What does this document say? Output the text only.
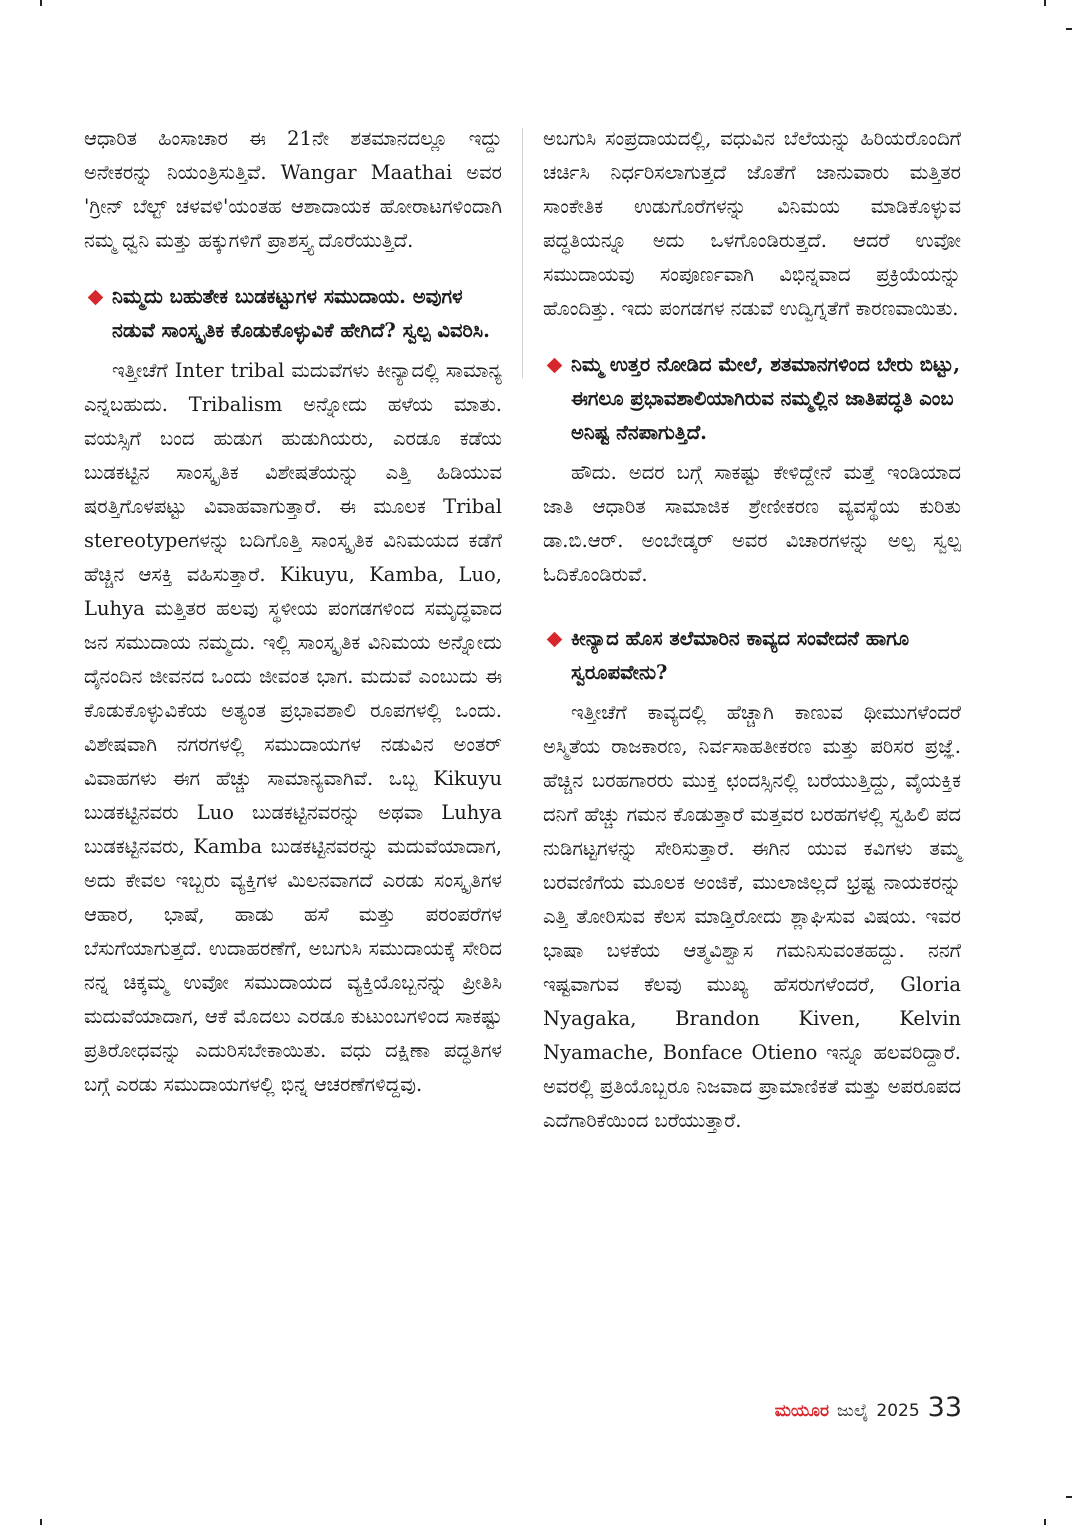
ಆಧಾರಿತ ಹಿಂಸಾಚಾರ ಈ 21ನೇ ಶತಮಾನದಲ್ಲೂ ಇದ್ದು ಅನೇಕರನ್ನು ನಿಯಂತ್ರಿಸುತ್ತಿವೆ. Wangar Maathai ಅವರ 'ಗ್ರೀನ್ ಬೆಲ್ಟ್ ಚಳವಳಿ'ಯಂತಹ ಆಶಾದಾಯಕ ಹೋರಾಟಗಳಿಂದಾಗಿ ನಮ್ಮ ಧ್ವನಿ ಮತ್ತು ಹಕ್ಕುಗಳಿಗೆ ಪ್ರಾಶಸ್ತ್ಯ ದೊರೆಯುತ್ತಿದೆ.

ನಿಮ್ಮದು ಬಹುತೇಕ ಬುಡಕಟ್ಟುಗಳ ಸಮುದಾಯ. ಅವುಗಳ ನಡುವೆ ಸಾಂಸ್ಕೃತಿಕ ಕೊಡುಕೊಳ್ಳುವಿಕೆ ಹೇಗಿದೆ? ಸ್ವಲ್ಪ ವಿವರಿಸಿ.

ಇತ್ತೀಚೆಗೆ Inter tribal ಮದುವೆಗಳು ಕೀನ್ಯಾದಲ್ಲಿ ಸಾಮಾನ್ಯ ಎನ್ನಬಹುದು. Tribalism ಅನ್ನೋದು ಹಳೆಯ ಮಾತು. ವಯಸ್ಸಿಗೆ ಬಂದ ಹುಡುಗ ಹುಡುಗಿಯರು, ಎರಡೂ ಕಡೆಯ ಬುಡಕಟ್ಟಿನ ಸಾಂಸ್ಕೃತಿಕ ವಿಶೇಷತೆಯನ್ನು ಎತ್ತಿ ಹಿಡಿಯುವ ಷರತ್ತಿಗೊಳಪಟ್ಟು ವಿವಾಹವಾಗುತ್ತಾರೆ. ಈ ಮೂಲಕ Tribal stereotypeಗಳನ್ನು ಬದಿಗೊತ್ತಿ ಸಾಂಸ್ಕೃತಿಕ ವಿನಿಮಯದ ಕಡೆಗೆ ಹೆಚ್ಚಿನ ಆಸಕ್ತಿ ವಹಿಸುತ್ತಾರೆ. Kikuyu, Kamba, Luo, Luhya ಮತ್ತಿತರ ಹಲವು ಸ್ಥಳೀಯ ಪಂಗಡಗಳಿಂದ ಸಮೃದ್ಧವಾದ ಜನ ಸಮುದಾಯ ನಮ್ಮದು. ಇಲ್ಲಿ ಸಾಂಸ್ಕೃತಿಕ ವಿನಿಮಯ ಅನ್ನೋದು ದೈನಂದಿನ ಜೀವನದ ಒಂದು ಜೀವಂತ ಭಾಗ. ಮದುವೆ ಎಂಬುದು ಈ ಕೊಡುಕೊಳ್ಳುವಿಕೆಯ ಅತ್ಯಂತ ಪ್ರಭಾವಶಾಲಿ ರೂಪಗಳಲ್ಲಿ ಒಂದು. ವಿಶೇಷವಾಗಿ ನಗರಗಳಲ್ಲಿ ಸಮುದಾಯಗಳ ನಡುವಿನ ಅಂತರ್ ವಿವಾಹಗಳು ಈಗ ಹೆಚ್ಚು ಸಾಮಾನ್ಯವಾಗಿವೆ. ಒಬ್ಬ Kikuyu ಬುಡಕಟ್ಟಿನವರು Luo ಬುಡಕಟ್ಟಿನವರನ್ನು ಅಥವಾ Luhya ಬುಡಕಟ್ಟಿನವರು, Kamba ಬುಡಕಟ್ಟಿನವರನ್ನು ಮದುವೆಯಾದಾಗ, ಅದು ಕೇವಲ ಇಬ್ಬರು ವ್ಯಕ್ತಿಗಳ ಮಿಲನವಾಗದೆ ಎರಡು ಸಂಸ್ಕೃತಿಗಳ ಆಹಾರ, ಭಾಷೆ, ಹಾಡು ಹಸೆ ಮತ್ತು ಪರಂಪರೆಗಳ ಬೆಸುಗೆಯಾಗುತ್ತದೆ. ಉದಾಹರಣೆಗೆ, ಅಬಗುಸಿ ಸಮುದಾಯಕ್ಕೆ ಸೇರಿದ ನನ್ನ ಚಿಕ್ಕಮ್ಮ ಉವೋ ಸಮುದಾಯದ ವ್ಯಕ್ತಿಯೊಬ್ಬನನ್ನು ಪ್ರೀತಿಸಿ ಮದುವೆಯಾದಾಗ, ಆಕೆ ಮೊದಲು ಎರಡೂ ಕುಟುಂಬಗಳಿಂದ ಸಾಕಷ್ಟು ಪ್ರತಿರೋಧವನ್ನು ಎದುರಿಸಬೇಕಾಯಿತು. ವಧು ದಕ್ಷಿಣಾ ಪದ್ಧತಿಗಳ ಬಗ್ಗೆ ಎರಡು ಸಮುದಾಯಗಳಲ್ಲಿ ಭಿನ್ನ ಆಚರಣೆಗಳಿದ್ದವು.

ಅಬಗುಸಿ ಸಂಪ್ರದಾಯದಲ್ಲಿ, ವಧುವಿನ ಬೆಲೆಯನ್ನು ಹಿರಿಯರೊಂದಿಗೆ ಚರ್ಚಿಸಿ ನಿರ್ಧರಿಸಲಾಗುತ್ತದೆ ಜೊತೆಗೆ ಜಾನುವಾರು ಮತ್ತಿತರ ಸಾಂಕೇತಿಕ ಉಡುಗೊರೆಗಳನ್ನು ವಿನಿಮಯ ಮಾಡಿಕೊಳ್ಳುವ ಪದ್ಧತಿಯನ್ನೂ ಅದು ಒಳಗೊಂಡಿರುತ್ತದೆ. ಆದರೆ ಉವೋ ಸಮುದಾಯವು ಸಂಪೂರ್ಣವಾಗಿ ವಿಭಿನ್ನವಾದ ಪ್ರಕ್ರಿಯೆಯನ್ನು ಹೊಂದಿತ್ತು. ಇದು ಪಂಗಡಗಳ ನಡುವೆ ಉದ್ವಿಗ್ನತೆಗೆ ಕಾರಣವಾಯಿತು.

ನಿಮ್ಮ ಉತ್ತರ ನೋಡಿದ ಮೇಲೆ, ಶತಮಾನಗಳಿಂದ ಬೇರು ಬಿಟ್ಟು, ಈಗಲೂ ಪ್ರಭಾವಶಾಲಿಯಾಗಿರುವ ನಮ್ಮಲ್ಲಿನ ಜಾತಿಪದ್ಧತಿ ಎಂಬ ಅನಿಷ್ಟ ನೆನಪಾಗುತ್ತಿದೆ.

ಹೌದು. ಅದರ ಬಗ್ಗೆ ಸಾಕಷ್ಟು ಕೇಳಿದ್ದೇನೆ ಮತ್ತೆ ಇಂಡಿಯಾದ ಜಾತಿ ಆಧಾರಿತ ಸಾಮಾಜಿಕ ಶ್ರೇಣೀಕರಣ ವ್ಯವಸ್ಥೆಯ ಕುರಿತು ಡಾ.ಬಿ.ಆರ್. ಅಂಬೇಡ್ಕರ್ ಅವರ ವಿಚಾರಗಳನ್ನು ಅಲ್ಪ ಸ್ವಲ್ಪ ಓದಿಕೊಂಡಿರುವೆ.

ಕೀನ್ಯಾದ ಹೊಸ ತಲೆಮಾರಿನ ಕಾವ್ಯದ ಸಂವೇದನೆ ಹಾಗೂ ಸ್ವರೂಪವೇನು?

ಇತ್ತೀಚೆಗೆ ಕಾವ್ಯದಲ್ಲಿ ಹೆಚ್ಚಾಗಿ ಕಾಣುವ ಥೀಮುಗಳೆಂದರೆ ಅಸ್ಮಿತೆಯ ರಾಜಕಾರಣ, ನಿರ್ವಸಾಹತೀಕರಣ ಮತ್ತು ಪರಿಸರ ಪ್ರಜ್ಞೆ. ಹೆಚ್ಚಿನ ಬರಹಗಾರರು ಮುಕ್ತ ಛಂದಸ್ಸಿನಲ್ಲಿ ಬರೆಯುತ್ತಿದ್ದು, ವೈಯಕ್ತಿಕ ದನಿಗೆ ಹೆಚ್ಚು ಗಮನ ಕೊಡುತ್ತಾರೆ ಮತ್ತವರ ಬರಹಗಳಲ್ಲಿ ಸ್ವಹಿಲಿ ಪದ ನುಡಿಗಟ್ಟಗಳನ್ನು ಸೇರಿಸುತ್ತಾರೆ. ಈಗಿನ ಯುವ ಕವಿಗಳು ತಮ್ಮ ಬರವಣಿಗೆಯ ಮೂಲಕ ಅಂಜಿಕೆ, ಮುಲಾಜಿಲ್ಲದೆ ಭ್ರಷ್ಟ ನಾಯಕರನ್ನು ಎತ್ತಿ ತೋರಿಸುವ ಕೆಲಸ ಮಾಡ್ತಿರೋದು ಶ್ಲಾಘಿಸುವ ವಿಷಯ. ಇವರ ಭಾಷಾ ಬಳಕೆಯ ಆತ್ಮವಿಶ್ವಾಸ ಗಮನಿಸುವಂತಹದ್ದು. ನನಗೆ ಇಷ್ಟವಾಗುವ ಕೆಲವು ಮುಖ್ಯ ಹೆಸರುಗಳೆಂದರೆ, Gloria Nyagaka, Brandon Kiven, Kelvin Nyamache, Bonface Otieno ಇನ್ನೂ ಹಲವರಿದ್ದಾರೆ. ಅವರಲ್ಲಿ ಪ್ರತಿಯೊಬ್ಬರೂ ನಿಜವಾದ ಪ್ರಾಮಾಣಿಕತೆ ಮತ್ತು ಅಪರೂಪದ ಎದೆಗಾರಿಕೆಯಿಂದ ಬರೆಯುತ್ತಾರೆ.

ಮಯೂರ ಜುಲೈ 2025 33
